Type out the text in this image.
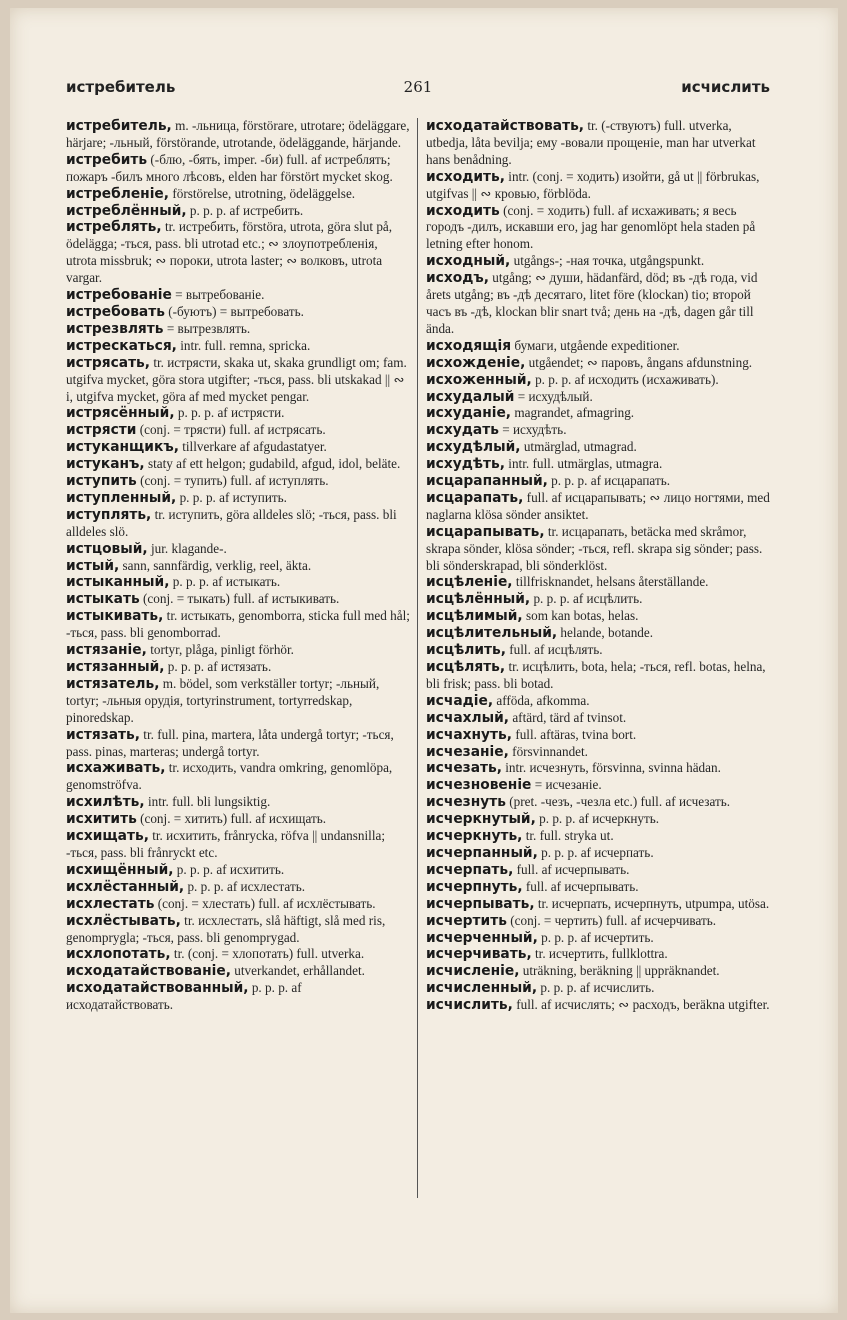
истребитель	261	исчислить

истребитель, m. -льница, förstörare, utrotare; ödeläggare, härjare; -льный, förstörande, utrotande, ödeläggande, härjande.

истребить (-блю, -бять, imper. -би) full. af истреблять; пожаръ -билъ много лѣсовъ, elden har förstört mycket skog.

истребленіе, förstörelse, utrotning, ödeläggelse.

истреблённый, p. p. p. af истребить.

истреблять, tr. истребить, förstöra, utrota, göra slut på, ödelägga; -ться, pass. bli utrotad etc.; ∾ злоупотребленія, utrota missbruk; ∾ пороки, utrota laster; ∾ волковъ, utrota vargar.

истребованіе = вытребованіе.

истребовать (-буютъ) = вытребовать.

истрезвлять = вытрезвлять.

истрескаться, intr. full. remna, spricka.

истрясать, tr. истрясти, skaka ut, skaka grundligt om; fam. utgifva mycket, göra stora utgifter; -ться, pass. bli utskakad || ∾ i, utgifva mycket, göra af med mycket pengar.

истрясённый, p. p. p. af истрясти.

истрясти (conj. = трясти) full. af истрясать.

истуканщикъ, tillverkare af afgudastatyer.

истуканъ, staty af ett helgon; gudabild, afgud, idol, beläte.

иступить (conj. = тупить) full. af иступлять.

иступленный, p. p. p. af иступить.

иступлять, tr. иступить, göra alldeles slö; -ться, pass. bli alldeles slö.

истцовый, jur. klagande-.

истый, sann, sannfärdig, verklig, reel, äkta.

истыканный, p. p. p. af истыкать.

истыкать (conj. = тыкать) full. af истыкивать.

истыкивать, tr. истыкать, genomborra, sticka full med hål; -ться, pass. bli genomborrad.

истязаніе, tortyr, plåga, pinligt förhör.

истязанный, p. p. p. af истязать.

истязатель, m. bödel, som verkställer tortyr; -льный, tortyr; -льныя орудія, tortyrinstrument, tortyrredskap, pinoredskap.

истязать, tr. full. pina, martera, låta undergå tortyr; -ться, pass. pinas, marteras; undergå tortyr.

исхаживать, tr. исходить, vandra omkring, genomlöpa, genomströfva.

исхилѣть, intr. full. bli lungsiktig.

исхитить (conj. = хитить) full. af исхищать.

исхищать, tr. исхитить, frånrycka, röfva || undansnilla; -ться, pass. bli frånryckt etc.

исхищённый, p. p. p. af исхитить.

исхлёстанный, p. p. p. af исхлестать.

исхлестать (conj. = хлестать) full. af исхлёстывать.

исхлёстывать, tr. исхлестать, slå häftigt, slå med ris, genomprygla; -ться, pass. bli genomprygad.

исхлопотать, tr. (conj. = хлопотать) full. utverka.

исходатайствованіе, utverkandet, erhållandet.

исходатайствованный, p. p. p. af исходатайствовать.

исходатайствовать, tr. (-ствуютъ) full. utverka, utbedja, låta bevilja; ему -вовали прощеніе, man har utverkat hans benådning.

исходить, intr. (conj. = ходить) изойти, gå ut || förbrukas, utgifvas || ∾ кровью, förblöda.

исходить (conj. = ходить) full. af исхаживать; я весь городъ -дилъ, искавши его, jag har genomlöpt hela staden på letning efter honom.

исходный, utgångs-; -ная точка, utgångspunkt.

исходъ, utgång; ∾ души, hädanfärd, död; въ -дѣ года, vid årets utgång; въ -дѣ десятаго, litet före (klockan) tio; второй часъ въ -дѣ, klockan blir snart två; день на -дѣ, dagen går till ända.

исходящія бумаги, utgående expeditioner.

исхожденіе, utgåendet; ∾ паровъ, ångans afdunstning.

исхоженный, p. p. p. af исходить (исхаживать).

исхудалый = исхудѣлый.

исхуданіе, magrandet, afmagring.

исхудать = исхудѣть.

исхудѣлый, utmärglad, utmagrad.

исхудѣть, intr. full. utmärglas, utmagra.

исцарапанный, p. p. p. af исцарапать.

исцарапать, full. af исцарапывать; ∾ лицо ногтями, med naglarna klösa sönder ansiktet.

исцарапывать, tr. исцарапать, betäcka med skråmor, skrapa sönder, klösa sönder; -ться, refl. skrapa sig sönder; pass. bli sönderskrapad, bli sönderklöst.

исцѣленіе, tillfrisknandet, helsans återställande.

исцѣлённый, p. p. p. af исцѣлить.

исцѣлимый, som kan botas, helas.

исцѣлительный, helande, botande.

исцѣлить, full. af исцѣлять.

исцѣлять, tr. исцѣлить, bota, hela; -ться, refl. botas, helna, bli frisk; pass. bli botad.

исчадіе, afföda, afkomma.

исчахлый, aftärd, tärd af tvinsot.

исчахнуть, full. aftäras, tvina bort.

исчезаніе, försvinnandet.

исчезать, intr. исчезнуть, försvinna, svinna hädan.

исчезновеніе = исчезаніе.

исчезнуть (pret. -чезъ, -чезла etc.) full. af исчезать.

исчеркнутый, p. p. p. af исчеркнуть.

исчеркнуть, tr. full. stryka ut.

исчерпанный, p. p. p. af исчерпать.

исчерпать, full. af исчерпывать.

исчерпнуть, full. af исчерпывать.

исчерпывать, tr. исчерпать, исчерпнуть, utpumpa, utösa.

исчертить (conj. = чертить) full. af исчерчивать.

исчерченный, p. p. p. af исчертить.

исчерчивать, tr. исчертить, fullklottra.

исчисленіе, uträkning, beräkning || uppräknandet.

исчисленный, p. p. p. af исчислить.

исчислить, full. af исчислять; ∾ расходъ, beräkna utgifter.
